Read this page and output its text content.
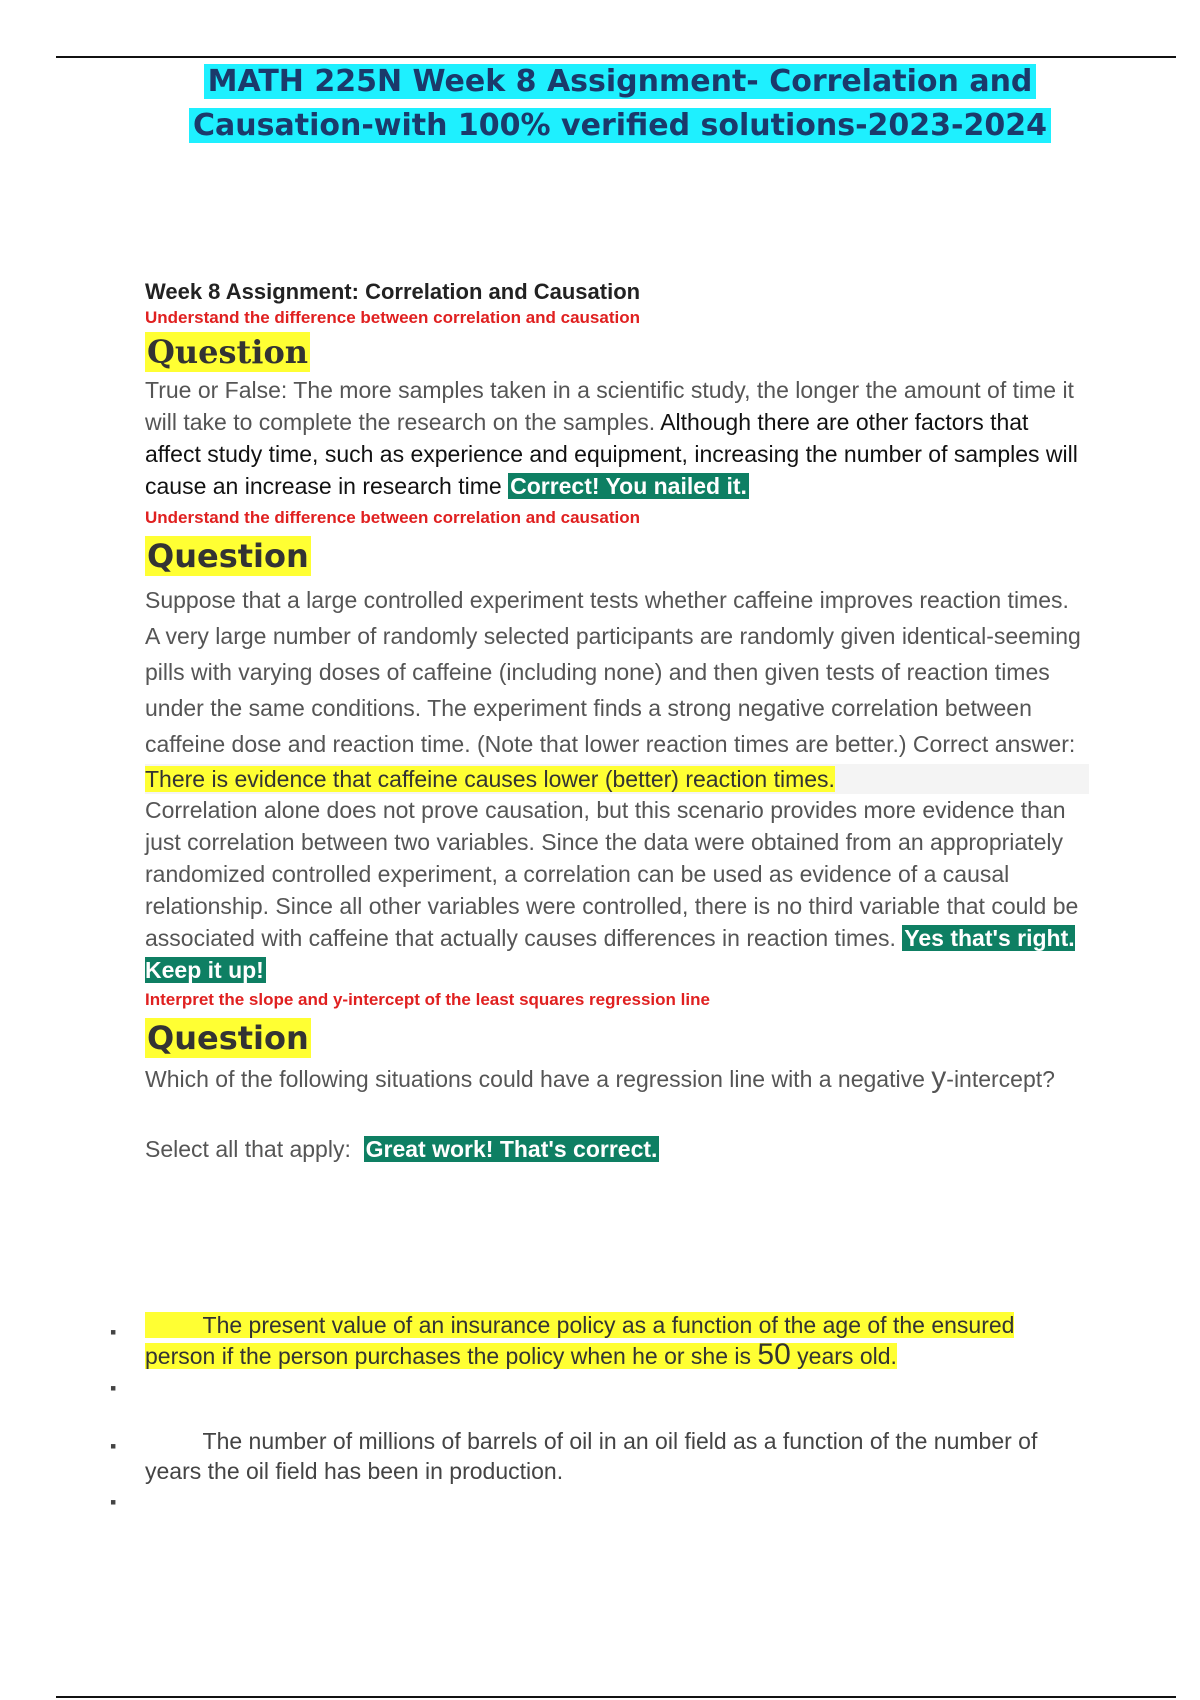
MATH 225N Week 8 Assignment- Correlation and
Causation-with 100% verified solutions-2023-2024

Week 8 Assignment: Correlation and Causation

Understand the difference between correlation and causation

Question

True or False: The more samples taken in a scientific study, the longer the amount of time it will take to complete the research on the samples. Although there are other factors that affect study time, such as experience and equipment, increasing the number of samples will cause an increase in research time Correct! You nailed it.

Understand the difference between correlation and causation

Question

Suppose that a large controlled experiment tests whether caffeine improves reaction times. A very large number of randomly selected participants are randomly given identical-seeming pills with varying doses of caffeine (including none) and then given tests of reaction times under the same conditions. The experiment finds a strong negative correlation between caffeine dose and reaction time. (Note that lower reaction times are better.) Correct answer:

There is evidence that caffeine causes lower (better) reaction times.

Correlation alone does not prove causation, but this scenario provides more evidence than just correlation between two variables. Since the data were obtained from an appropriately randomized controlled experiment, a correlation can be used as evidence of a causal relationship. Since all other variables were controlled, there is no third variable that could be associated with caffeine that actually causes differences in reaction times. Yes that's right. Keep it up!

Interpret the slope and y-intercept of the least squares regression line

Question

Which of the following situations could have a regression line with a negative y-intercept?

Select all that apply: Great work! That's correct.

▪	The present value of an insurance policy as a function of the age of the ensured person if the person purchases the policy when he or she is 50 years old.
▪
▪	The number of millions of barrels of oil in an oil field as a function of the number of years the oil field has been in production.
▪
